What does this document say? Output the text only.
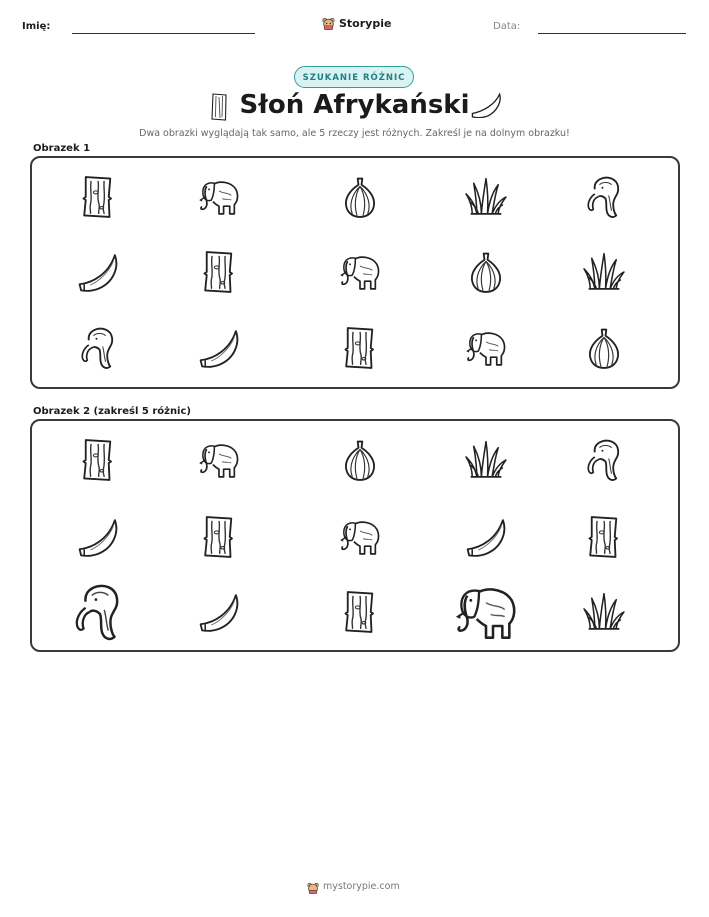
Imię:	Storypie	Data:
SZUKANIE RÓŻNIC
Słoń Afrykański
Dwa obrazki wyglądają tak samo, ale 5 rzeczy jest różnych. Zakreśl je na dolnym obrazku!
Obrazek 1
Obrazek 2 (zakreśl 5 różnic)
mystorypie.com
